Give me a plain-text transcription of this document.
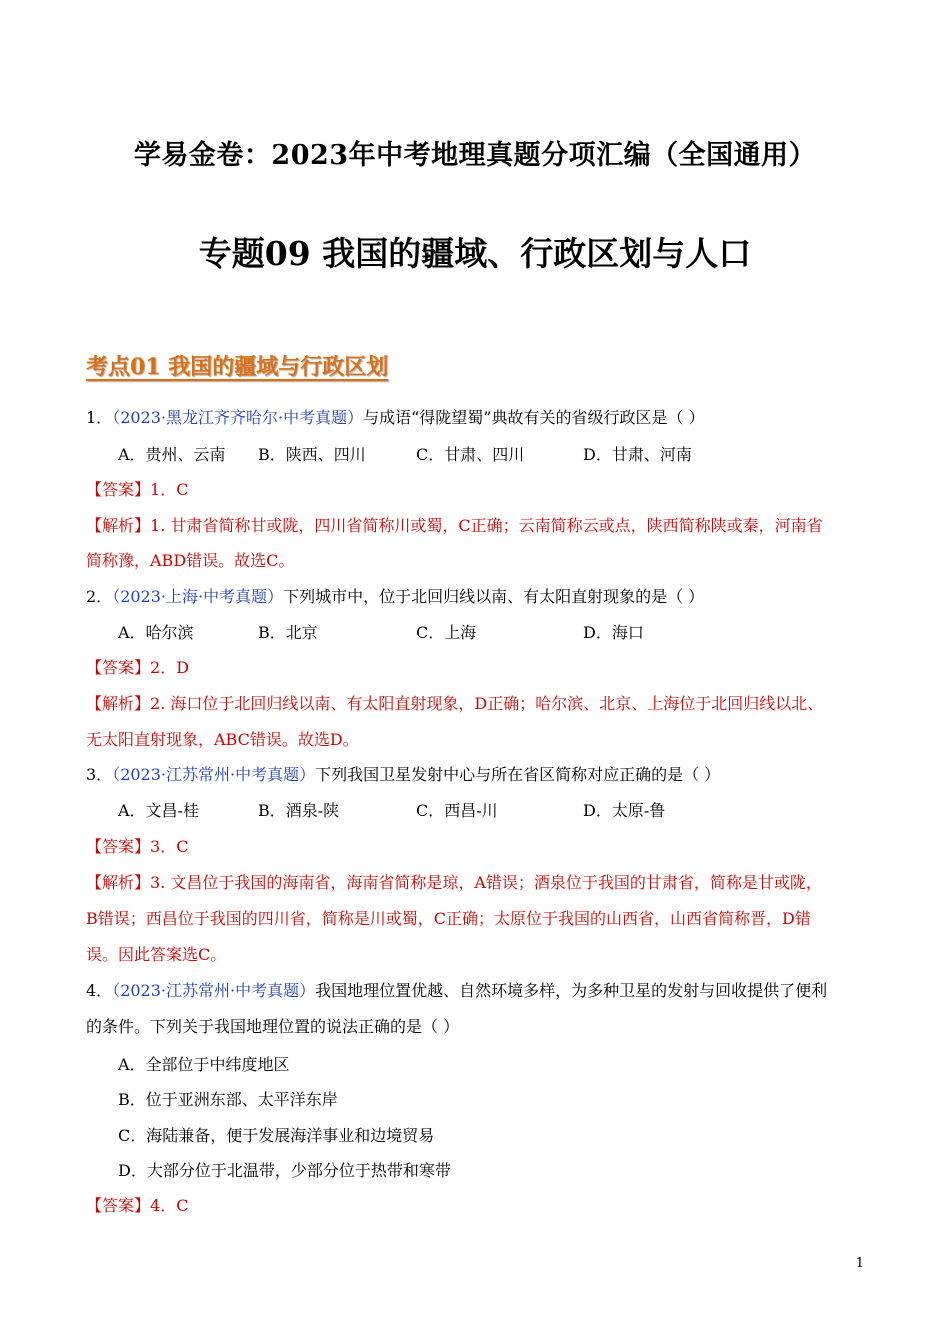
学易金卷：2023年中考地理真题分项汇编（全国通用）
专题09 我国的疆域、行政区划与人口
考点01 我国的疆域与行政区划
1．（2023·黑龙江齐齐哈尔·中考真题）与成语“得陇望蜀”典故有关的省级行政区是（ ）
A．贵州、云南 B．陕西、四川	C．甘肃、四川	D．甘肃、河南
【答案】1．C
【解析】1. 甘肃省简称甘或陇，四川省简称川或蜀，C正确；云南简称云或点，陕西简称陕或秦，河南省
简称豫，ABD错误。故选C。
2．（2023·上海·中考真题）下列城市中，位于北回归线以南、有太阳直射现象的是（ ）
A．哈尔滨	B．北京	C．上海	D．海口
【答案】2．D
【解析】2. 海口位于北回归线以南、有太阳直射现象，D正确；哈尔滨、北京、上海位于北回归线以北、
无太阳直射现象，ABC错误。故选D。
3．（2023·江苏常州·中考真题）下列我国卫星发射中心与所在省区简称对应正确的是（ ）
A．文昌-桂	B．酒泉-陕	C．西昌-川	D．太原-鲁
【答案】3．C
【解析】3. 文昌位于我国的海南省，海南省简称是琼，A错误；酒泉位于我国的甘肃省，简称是甘或陇，
B错误；西昌位于我国的四川省，简称是川或蜀，C正确；太原位于我国的山西省，山西省简称晋，D错
误。因此答案选C。
4．（2023·江苏常州·中考真题）我国地理位置优越、自然环境多样，为多种卫星的发射与回收提供了便利
的条件。下列关于我国地理位置的说法正确的是（ ）
A．全部位于中纬度地区
B．位于亚洲东部、太平洋东岸
C．海陆兼备，便于发展海洋事业和边境贸易
D．大部分位于北温带，少部分位于热带和寒带
【答案】4．C
1
